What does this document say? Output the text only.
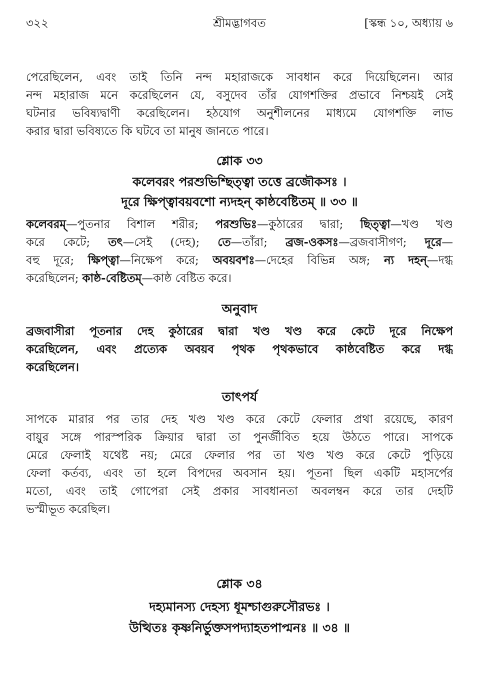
৩২২	শ্রীমদ্ভাগবত	[স্কন্ধ ১০, অধ্যায় ৬
পেরেছিলেন, এবং তাই তিনি নন্দ মহারাজকে সাবধান করে দিয়েছিলেন। আর
নন্দ মহারাজ মনে করেছিলেন যে, বসুদেব তাঁর যোগশক্তির প্রভাবে নিশ্চয়ই সেই
ঘটনার ভবিষ্যদ্বাণী করেছিলেন। হঠযোগ অনুশীলনের মাধ্যমে যোগশক্তি লাভ
করার দ্বারা ভবিষ্যতে কি ঘটবে তা মানুষ জানতে পারে।
শ্লোক ৩৩
কলেবরং পরশুভিশ্ছিত্ত্বা তত্তে ব্রজৌকসঃ ।
দূরে ক্ষিপ্ত্বাবয়বশো ন্যদহন্ কাষ্ঠবেষ্টিতম্ ॥ ৩৩ ॥
কলেবরম্—পুতনার বিশাল শরীর; পরশুভিঃ—কুঠারের দ্বারা; ছিত্ত্বা—খণ্ড খণ্ড
করে কেটে; তৎ—সেই (দেহ); তে—তাঁরা; ব্রজ-ওকসঃ—ব্রজবাসীগণ; দূরে—
বহু দূরে; ক্ষিপ্ত্বা—নিক্ষেপ করে; অবয়বশঃ—দেহের বিভিন্ন অঙ্গ; ন্য দহন্—দগ্ধ
করেছিলেন; কাষ্ঠ-বেষ্টিতম্—কাষ্ঠ বেষ্টিত করে।
অনুবাদ
ব্রজবাসীরা পূতনার দেহ কুঠারের দ্বারা খণ্ড খণ্ড করে কেটে দূরে নিক্ষেপ
করেছিলেন, এবং প্রত্যেক অবয়ব পৃথক পৃথকভাবে কাষ্ঠবেষ্টিত করে দগ্ধ
করেছিলেন।
তাৎপর্য
সাপকে মারার পর তার দেহ খণ্ড খণ্ড করে কেটে ফেলার প্রথা রয়েছে, কারণ
বায়ুর সঙ্গে পারস্পরিক ক্রিয়ার দ্বারা তা পুনর্জীবিত হয়ে উঠতে পারে। সাপকে
মেরে ফেলাই যথেষ্ট নয়; মেরে ফেলার পর তা খণ্ড খণ্ড করে কেটে পুড়িয়ে
ফেলা কর্তব্য, এবং তা হলে বিপদের অবসান হয়। পূতনা ছিল একটি মহাসর্পের
মতো, এবং তাই গোপেরা সেই প্রকার সাবধানতা অবলম্বন করে তার দেহটি
ভস্মীভূত করেছিল।
শ্লোক ৩৪
দহ্যমানস্য দেহস্য ধূমশ্চাগুরুসৌরভঃ ।
উত্থিতঃ কৃষ্ণনির্ভুক্তসপদ্যাহতপাপ্মনঃ ॥ ৩৪ ॥
